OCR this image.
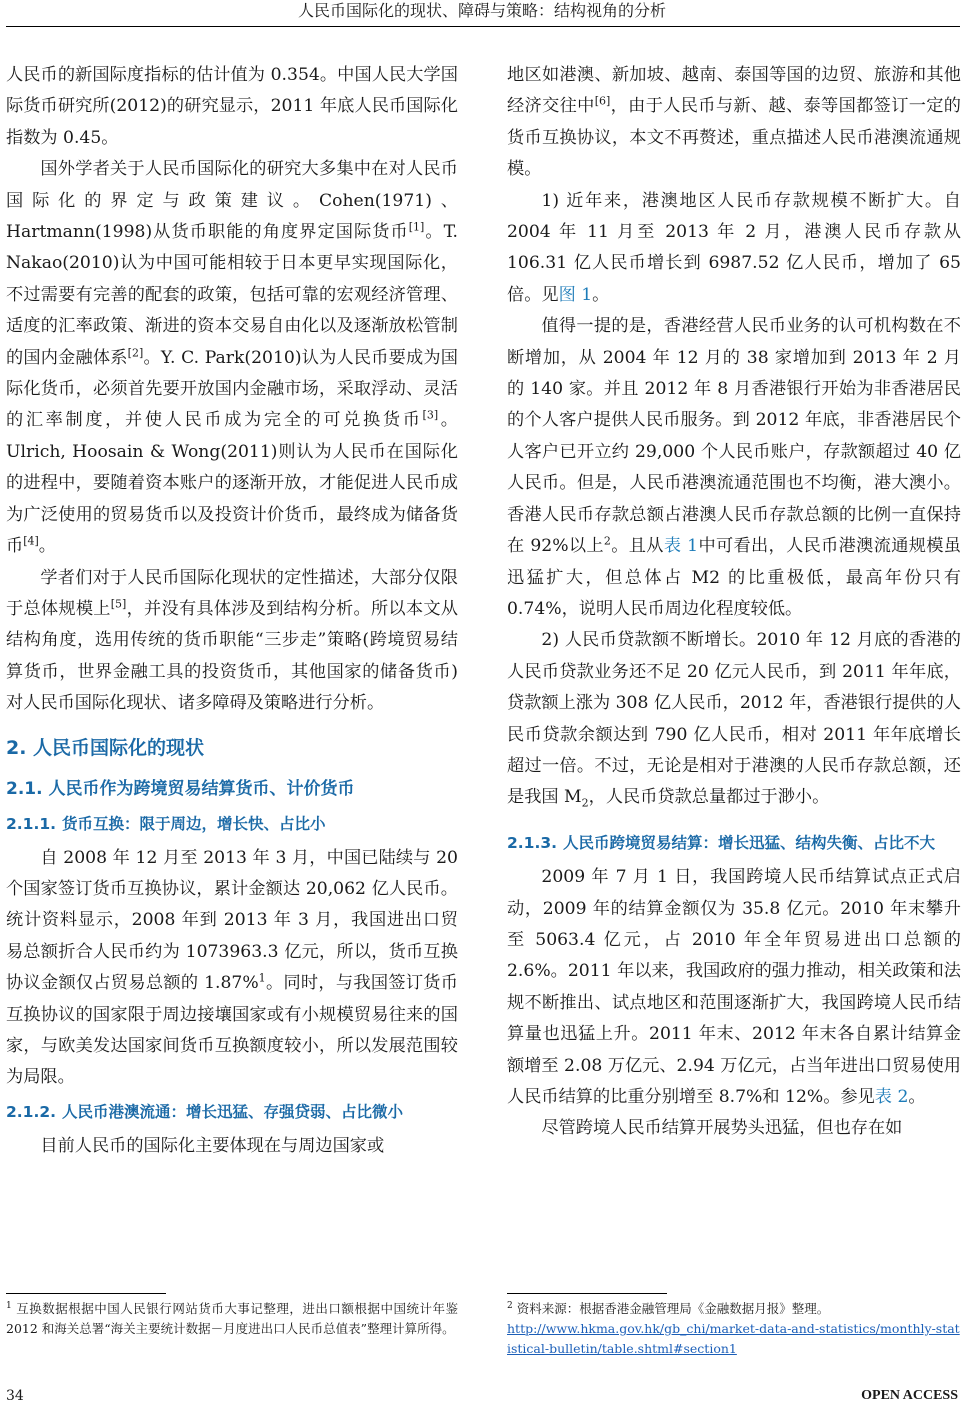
人民币国际化的现状、障碍与策略：结构视角的分析

人民币的新国际度指标的估计值为 0.354。中国人民大学国际货币研究所(2012)的研究显示，2011 年底人民币国际化指数为 0.45。

国外学者关于人民币国际化的研究大多集中在对人民币国际化的界定与政策建议。Cohen(1971)、Hartmann(1998)从货币职能的角度界定国际货币[1]。T. Nakao(2010)认为中国可能相较于日本更早实现国际化，不过需要有完善的配套的政策，包括可靠的宏观经济管理、适度的汇率政策、渐进的资本交易自由化以及逐渐放松管制的国内金融体系[2]。Y. C. Park(2010)认为人民币要成为国际化货币，必须首先要开放国内金融市场，采取浮动、灵活的汇率制度，并使人民币成为完全的可兑换货币[3]。Ulrich, Hoosain & Wong(2011)则认为人民币在国际化的进程中，要随着资本账户的逐渐开放，才能促进人民币成为广泛使用的贸易货币以及投资计价货币，最终成为储备货币[4]。

学者们对于人民币国际化现状的定性描述，大部分仅限于总体规模上[5]，并没有具体涉及到结构分析。所以本文从结构角度，选用传统的货币职能“三步走”策略(跨境贸易结算货币，世界金融工具的投资货币，其他国家的储备货币)对人民币国际化现状、诸多障碍及策略进行分析。

2. 人民币国际化的现状
2.1. 人民币作为跨境贸易结算货币、计价货币
2.1.1. 货币互换：限于周边，增长快、占比小

自 2008 年 12 月至 2013 年 3 月，中国已陆续与 20 个国家签订货币互换协议，累计金额达 20,062 亿人民币。统计资料显示，2008 年到 2013 年 3 月，我国进出口贸易总额折合人民币约为 1073963.3 亿元，所以，货币互换协议金额仅占贸易总额的 1.87%$^1$。同时，与我国签订货币互换协议的国家限于周边接壤国家或有小规模贸易往来的国家，与欧美发达国家间货币互换额度较小，所以发展范围较为局限。

2.1.2. 人民币港澳流通：增长迅猛、存强贷弱、占比微小

目前人民币的国际化主要体现在与周边国家或

地区如港澳、新加坡、越南、泰国等国的边贸、旅游和其他经济交往中[6]，由于人民币与新、越、泰等国都签订一定的货币互换协议，本文不再赘述，重点描述人民币港澳流通规模。

1) 近年来，港澳地区人民币存款规模不断扩大。自 2004 年 11 月至 2013 年 2 月，港澳人民币存款从 106.31 亿人民币增长到 6987.52 亿人民币，增加了 65 倍。见图 1。

值得一提的是，香港经营人民币业务的认可机构数在不断增加，从 2004 年 12 月的 38 家增加到 2013 年 2 月的 140 家。并且 2012 年 8 月香港银行开始为非香港居民的个人客户提供人民币服务。到 2012 年底，非香港居民个人客户已开立约 29,000 个人民币账户，存款额超过 40 亿人民币。但是，人民币港澳流通范围也不均衡，港大澳小。香港人民币存款总额占港澳人民币存款总额的比例一直保持在 92%以上$^2$。且从表 1中可看出，人民币港澳流通规模虽迅猛扩大，但总体占 M2 的比重极低，最高年份只有 0.74%，说明人民币周边化程度较低。

2) 人民币贷款额不断增长。2010 年 12 月底的香港的人民币贷款业务还不足 20 亿元人民币，到 2011 年年底，贷款额上涨为 308 亿人民币，2012 年，香港银行提供的人民币贷款余额达到 790 亿人民币，相对 2011 年年底增长超过一倍。不过，无论是相对于港澳的人民币存款总额，还是我国 $M_2$，人民币贷款总量都过于渺小。

2.1.3. 人民币跨境贸易结算：增长迅猛、结构失衡、占比不大

2009 年 7 月 1 日，我国跨境人民币结算试点正式启动，2009 年的结算金额仅为 35.8 亿元。2010 年末攀升至 5063.4 亿元，占 2010 年全年贸易进出口总额的 2.6%。2011 年以来，我国政府的强力推动，相关政策和法规不断推出、试点地区和范围逐渐扩大，我国跨境人民币结算量也迅猛上升。2011 年末、2012 年末各自累计结算金额增至 2.08 万亿元、2.94 万亿元，占当年进出口贸易使用人民币结算的比重分别增至 8.7%和 12%。参见表 2。

尽管跨境人民币结算开展势头迅猛，但也存在如

$^1$ 互换数据根据中国人民银行网站货币大事记整理，进出口额根据中国统计年鉴 2012 和海关总署“海关主要统计数据－月度进出口人民币总值表”整理计算所得。
$^2$ 资料来源：根据香港金融管理局《金融数据月报》整理。
http://www.hkma.gov.hk/gb_chi/market-data-and-statistics/monthly-statistical-bulletin/table.shtml#section1
34	OPEN ACCESS
